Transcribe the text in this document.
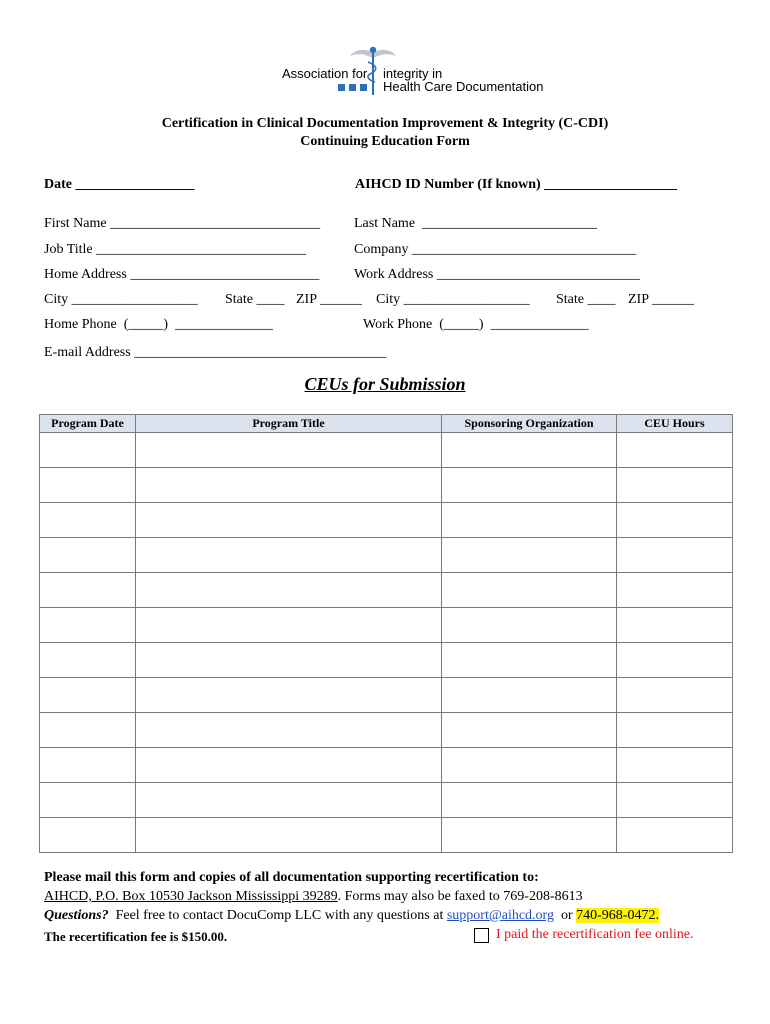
Association for integrity in
Health Care Documentation
Certification in Clinical Documentation Improvement & Integrity (C-CDI)
Continuing Education Form
Date _________________	AIHCD ID Number (If known) ___________________
First Name ______________________________ Last Name  _________________________
Job Title ______________________________	Company ________________________________
Home Address ___________________________ Work Address _____________________________
City __________________ State ____ ZIP ______ City __________________ State ____ ZIP ______
Home Phone  (_____)  ______________	Work Phone  (_____)  ______________
E-mail Address ____________________________________
CEUs for Submission
Program Date	Program Title	Sponsoring Organization	CEU Hours

Please mail this form and copies of all documentation supporting recertification to:
AIHCD, P.O. Box 10530 Jackson Mississippi 39289. Forms may also be faxed to 769-208-8613
Questions?  Feel free to contact DocuComp LLC with any questions at support@aihcd.org  or 740-968-0472.
The recertification fee is $150.00.	I paid the recertification fee online.
